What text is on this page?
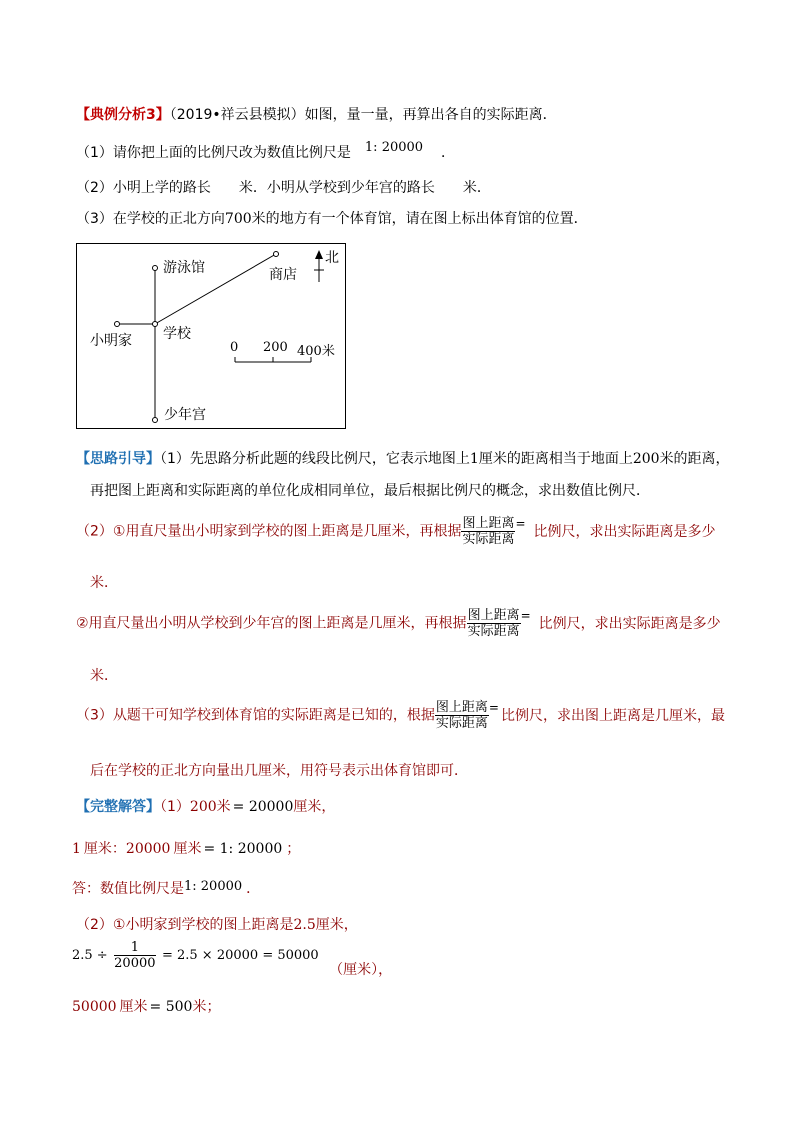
【典例分析3】（2019•祥云县模拟）如图，量一量，再算出各自的实际距离．
（1）请你把上面的比例尺改为数值比例尺是 1: 20000 ．
（2）小明上学的路长 米．小明从学校到少年宫的路长 米．
（3）在学校的正北方向700米的地方有一个体育馆，请在图上标出体育馆的位置．
游泳馆	商店
北
小明家 学校
少年宫
0 200 400米
【思路引导】（1）先思路分析此题的线段比例尺，它表示地图上1厘米的距离相当于地面上200米的距离，
再把图上距离和实际距离的单位化成相同单位，最后根据比例尺的概念，求出数值比例尺．
（2）①用直尺量出小明家到学校的图上距离是几厘米，再根据 $\frac{\text{图上距离}}{\text{实际距离}}$ = 比例尺，求出实际距离是多少
米．
②用直尺量出小明从学校到少年宫的图上距离是几厘米，再根据 $\frac{\text{图上距离}}{\text{实际距离}}$ = 比例尺，求出实际距离是多少
米．
（3）从题干可知学校到体育馆的实际距离是已知的，根据 $\frac{\text{图上距离}}{\text{实际距离}}$ = 比例尺，求出图上距离是几厘米，最
后在学校的正北方向量出几厘米，用符号表示出体育馆即可．
【完整解答】（1）200米 = 20000厘米，
1 厘米：20000 厘米 = 1: 20000 ；
答：数值比例尺是1: 20000 ．
（2）①小明家到学校的图上距离是2.5厘米，
$2.5 \div \frac{1}{20000} = 2.5 \times 20000 = 50000$ （厘米），
50000 厘米 = 500米；
